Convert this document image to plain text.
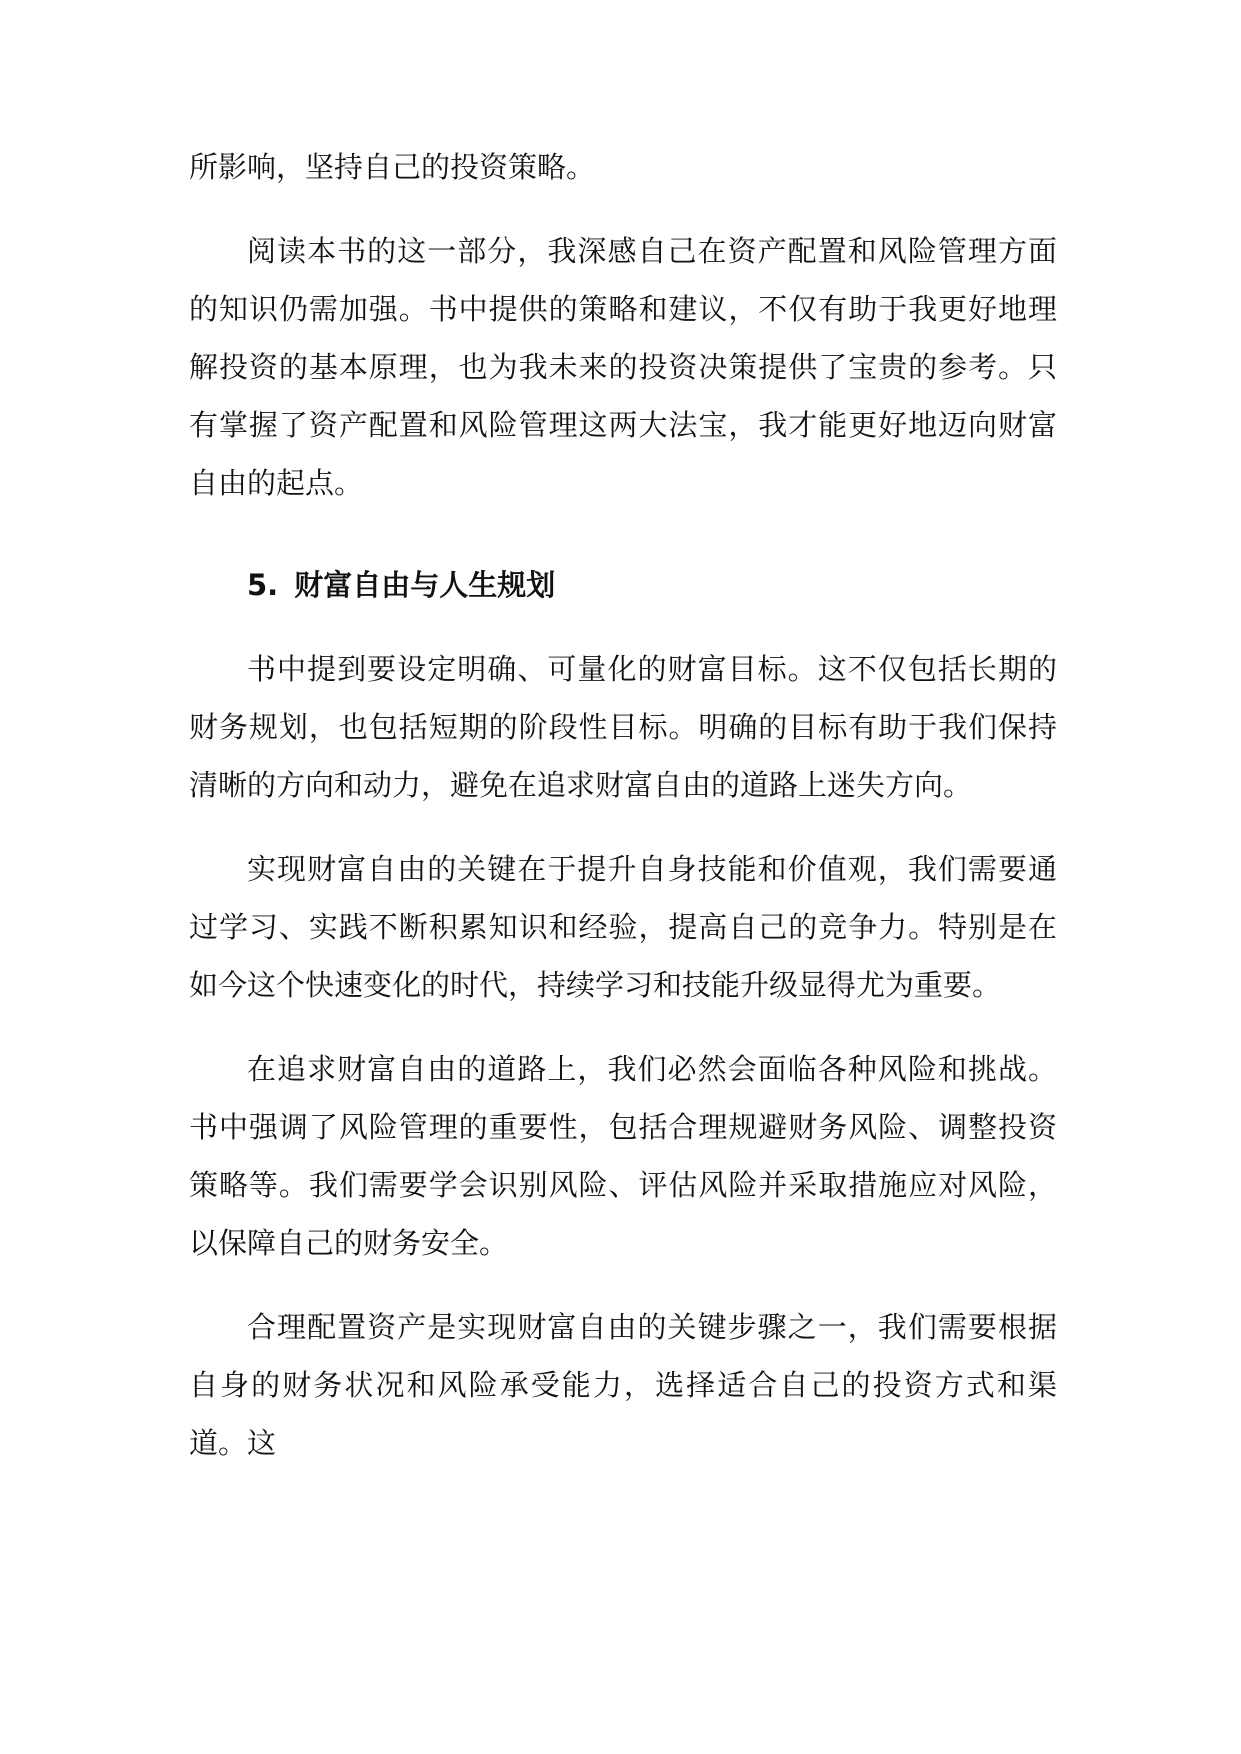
所影响，坚持自己的投资策略。

阅读本书的这一部分，我深感自己在资产配置和风险管理方面的知识仍需加强。书中提供的策略和建议，不仅有助于我更好地理解投资的基本原理，也为我未来的投资决策提供了宝贵的参考。只有掌握了资产配置和风险管理这两大法宝，我才能更好地迈向财富自由的起点。

5. 财富自由与人生规划

书中提到要设定明确、可量化的财富目标。这不仅包括长期的财务规划，也包括短期的阶段性目标。明确的目标有助于我们保持清晰的方向和动力，避免在追求财富自由的道路上迷失方向。

实现财富自由的关键在于提升自身技能和价值观，我们需要通过学习、实践不断积累知识和经验，提高自己的竞争力。特别是在如今这个快速变化的时代，持续学习和技能升级显得尤为重要。

在追求财富自由的道路上，我们必然会面临各种风险和挑战。书中强调了风险管理的重要性，包括合理规避财务风险、调整投资策略等。我们需要学会识别风险、评估风险并采取措施应对风险，以保障自己的财务安全。

合理配置资产是实现财富自由的关键步骤之一，我们需要根据自身的财务状况和风险承受能力，选择适合自己的投资方式和渠道。这
